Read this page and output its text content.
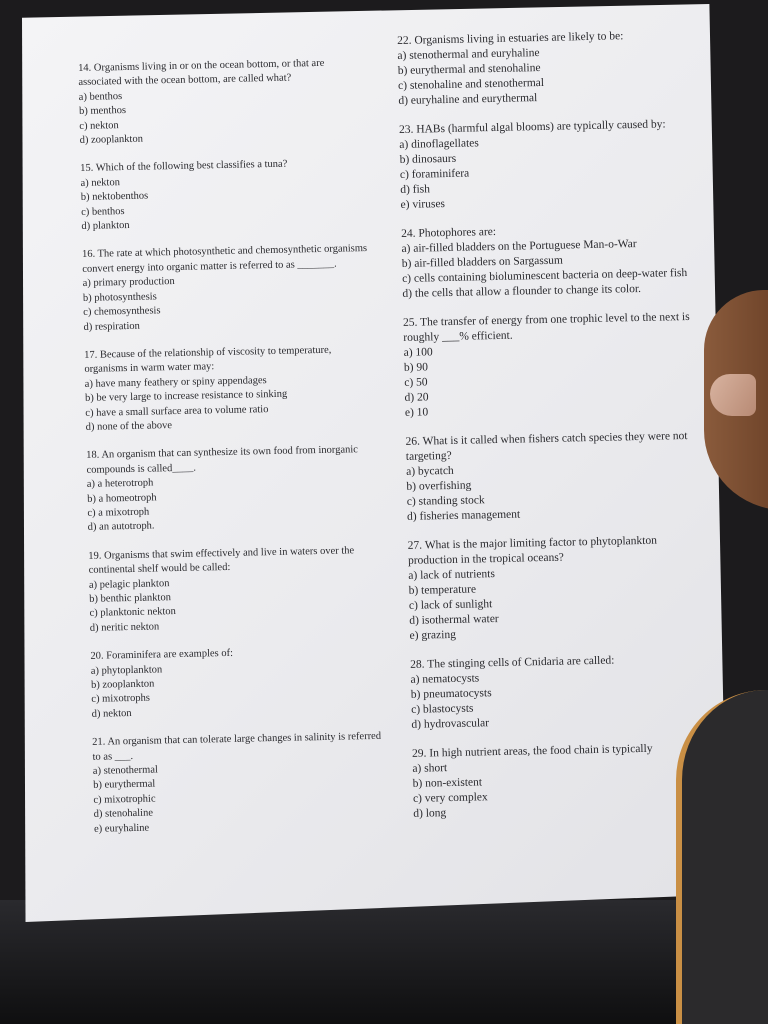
14. Organisms living in or on the ocean bottom, or that are associated with the ocean bottom, are called what?
a) benthos
b) menthos
c) nekton
d) zooplankton
15. Which of the following best classifies a tuna?
a) nekton
b) nektobenthos
c) benthos
d) plankton
16. The rate at which photosynthetic and chemosynthetic organisms convert energy into organic matter is referred to as _______.
a) primary production
b) photosynthesis
c) chemosynthesis
d) respiration
17. Because of the relationship of viscosity to temperature, organisms in warm water may:
a) have many feathery or spiny appendages
b) be very large to increase resistance to sinking
c) have a small surface area to volume ratio
d) none of the above
18. An organism that can synthesize its own food from inorganic compounds is called____.
a) a heterotroph
b) a homeotroph
c) a mixotroph
d) an autotroph.
19. Organisms that swim effectively and live in waters over the continental shelf would be called:
a) pelagic plankton
b) benthic plankton
c) planktonic nekton
d) neritic nekton
20. Foraminifera are examples of:
a) phytoplankton
b) zooplankton
c) mixotrophs
d) nekton
21. An organism that can tolerate large changes in salinity is referred to as ___.
a) stenothermal
b) eurythermal
c) mixotrophic
d) stenohaline
e) euryhaline
22. Organisms living in estuaries are likely to be:
a) stenothermal and euryhaline
b) eurythermal and stenohaline
c) stenohaline and stenothermal
d) euryhaline and eurythermal
23. HABs (harmful algal blooms) are typically caused by:
a) dinoflagellates
b) dinosaurs
c) foraminifera
d) fish
e) viruses
24. Photophores are:
a) air-filled bladders on the Portuguese Man-o-War
b) air-filled bladders on Sargassum
c) cells containing bioluminescent bacteria on deep-water fish
d) the cells that allow a flounder to change its color.
25. The transfer of energy from one trophic level to the next is roughly ___% efficient.
a) 100
b) 90
c) 50
d) 20
e) 10
26. What is it called when fishers catch species they were not targeting?
a) bycatch
b) overfishing
c) standing stock
d) fisheries management
27. What is the major limiting factor to phytoplankton production in the tropical oceans?
a) lack of nutrients
b) temperature
c) lack of sunlight
d) isothermal water
e) grazing
28. The stinging cells of Cnidaria are called:
a) nematocysts
b) pneumatocysts
c) blastocysts
d) hydrovascular
29. In high nutrient areas, the food chain is typically
a) short
b) non-existent
c) very complex
d) long
